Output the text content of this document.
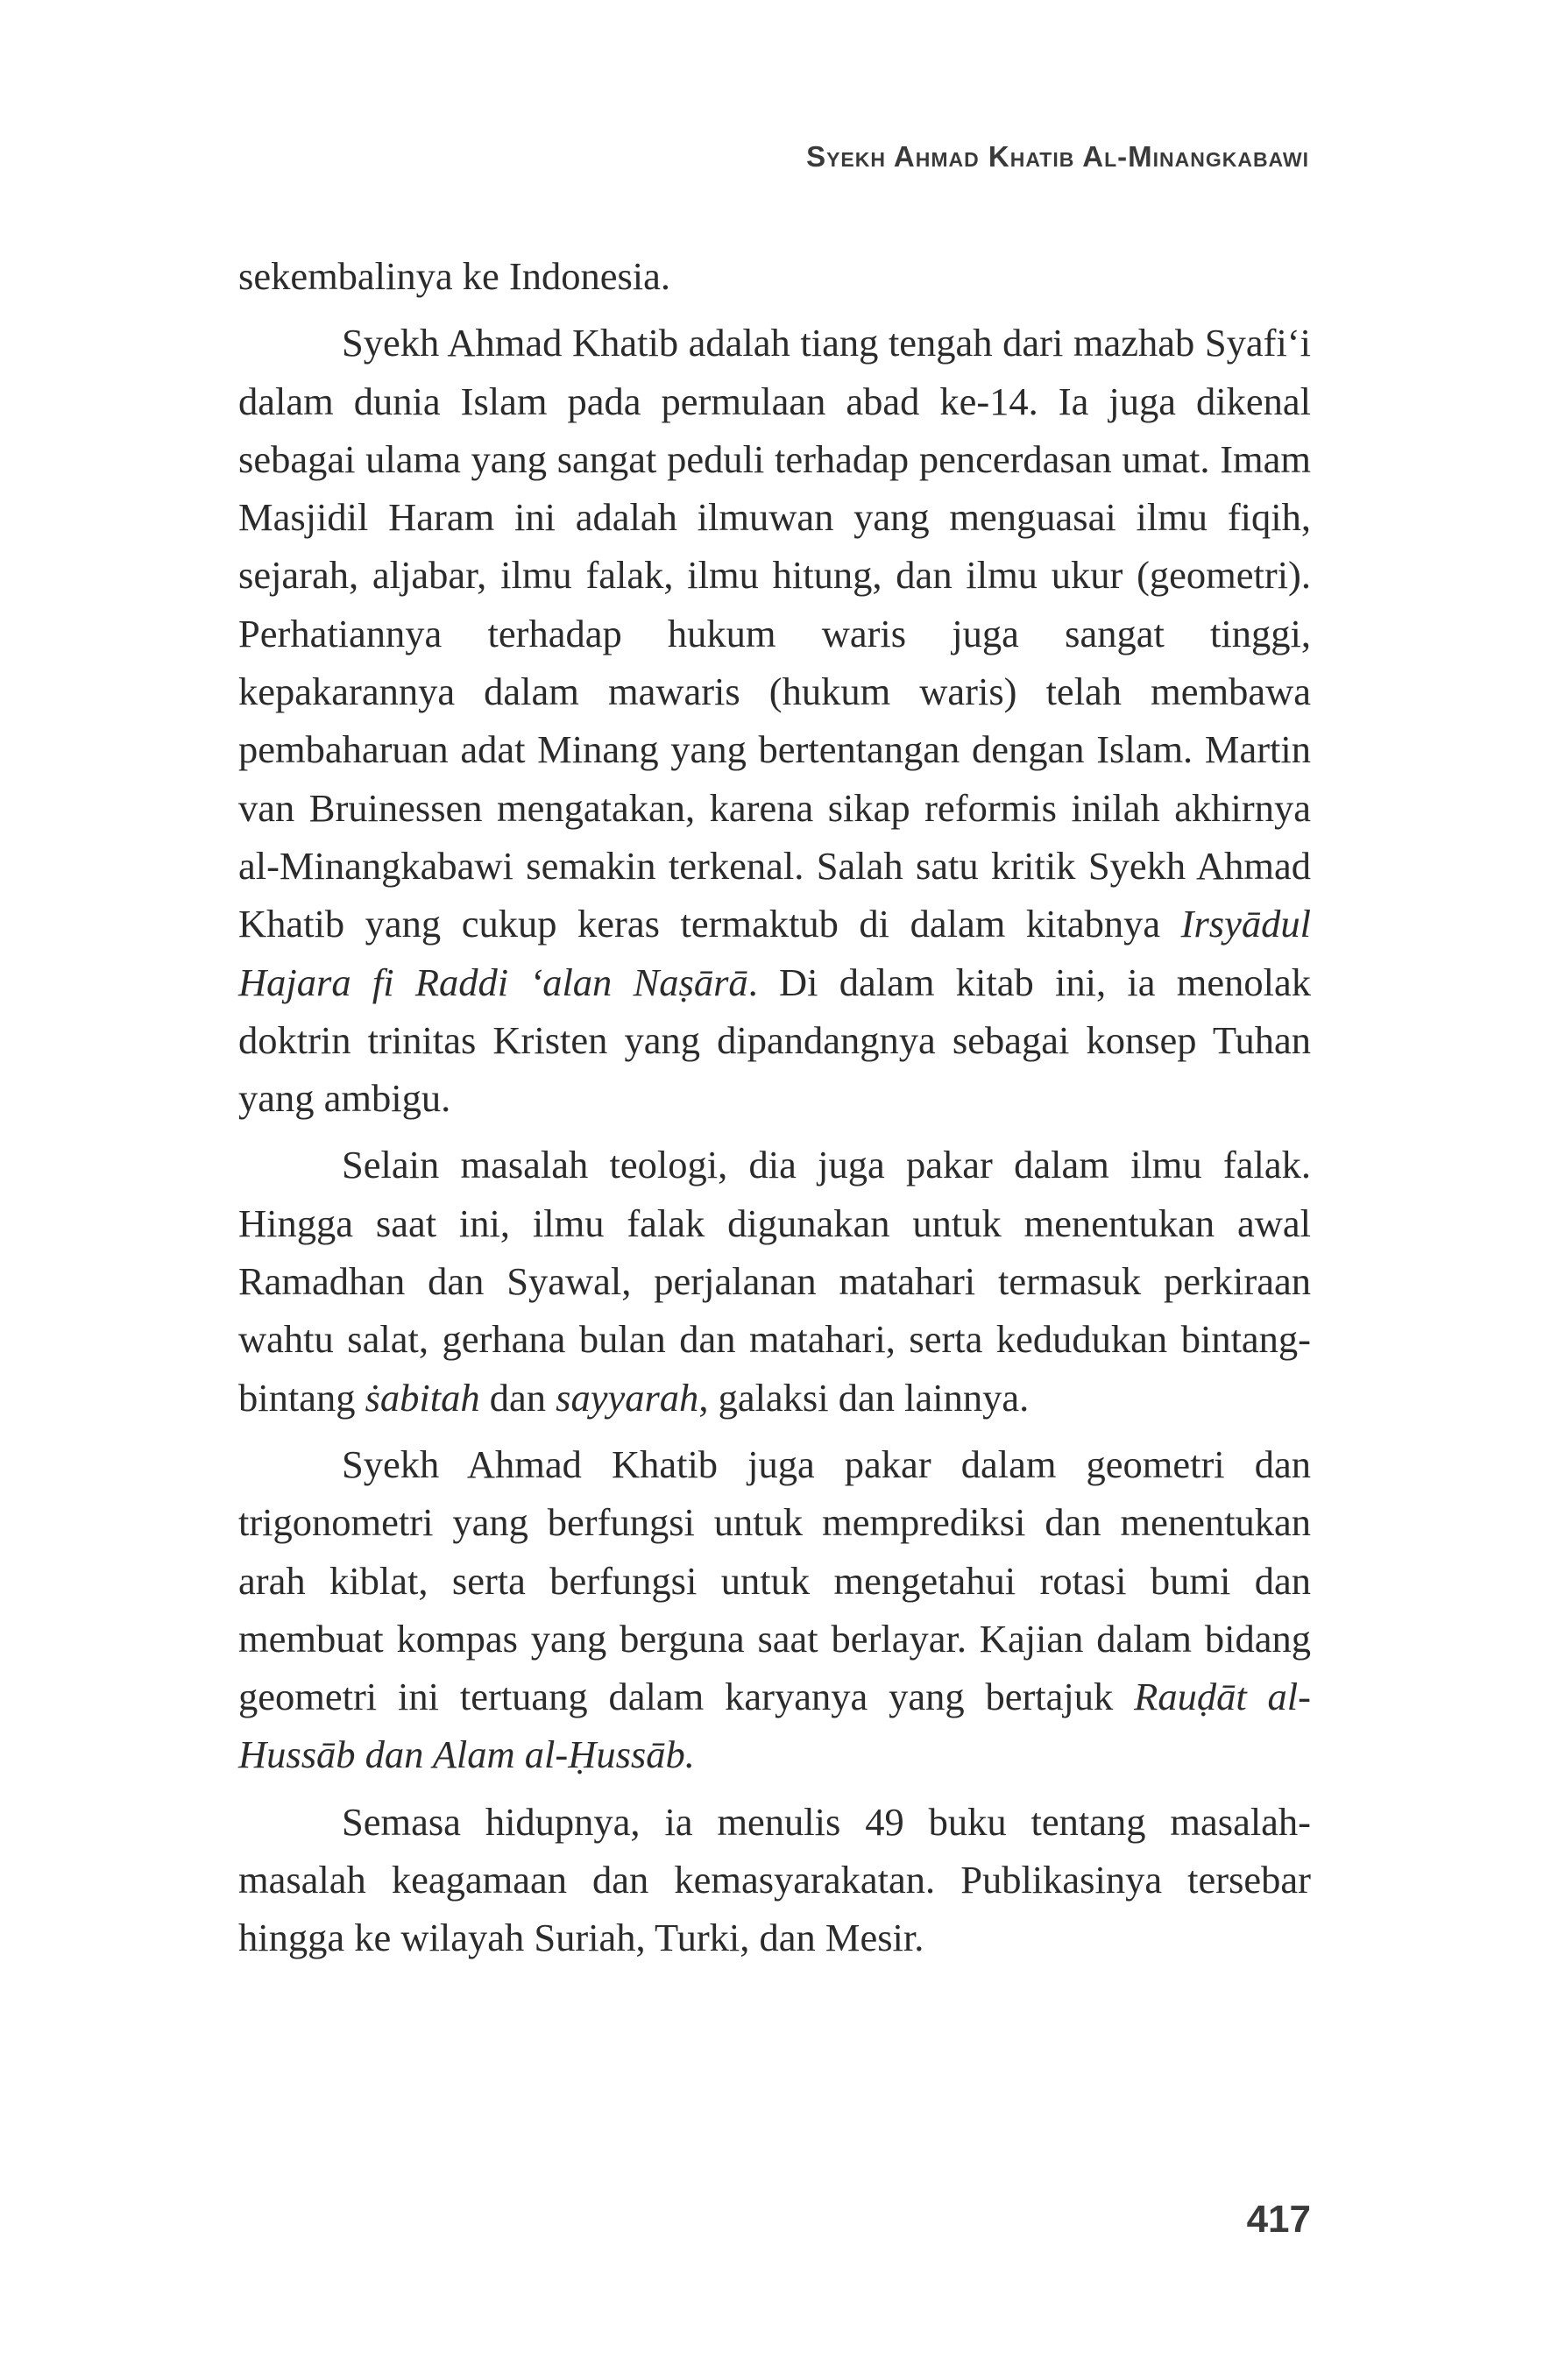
Syekh Ahmad Khatib Al-Minangkabawi

sekembalinya ke Indonesia.

Syekh Ahmad Khatib adalah tiang tengah dari mazhab Syafi‘i dalam dunia Islam pada permulaan abad ke-14. Ia juga dikenal sebagai ulama yang sangat peduli terhadap pencerdasan umat. Imam Masjidil Haram ini adalah ilmuwan yang menguasai ilmu fiqih, sejarah, aljabar, ilmu falak, ilmu hitung, dan ilmu ukur (geometri). Perhatiannya terhadap hukum waris juga sangat tinggi, kepakarannya dalam mawaris (hukum waris) telah membawa pembaharuan adat Minang yang bertentangan dengan Islam. Martin van Bruinessen mengatakan, karena sikap reformis inilah akhirnya al-Minangkabawi semakin terkenal. Salah satu kritik Syekh Ahmad Khatib yang cukup keras termaktub di dalam kitabnya Irsyādul Hajara fi Raddi ‘alan Naṣārā. Di dalam kitab ini, ia menolak doktrin trinitas Kristen yang dipandangnya sebagai konsep Tuhan yang ambigu.

Selain masalah teologi, dia juga pakar dalam ilmu falak. Hingga saat ini, ilmu falak digunakan untuk menentukan awal Ramadhan dan Syawal, perjalanan matahari termasuk perkiraan wahtu salat, gerhana bulan dan matahari, serta kedudukan bintang-bintang ṡabitah dan sayyarah, galaksi dan lainnya.

Syekh Ahmad Khatib juga pakar dalam geometri dan trigonometri yang berfungsi untuk memprediksi dan menentukan arah kiblat, serta berfungsi untuk mengetahui rotasi bumi dan membuat kompas yang berguna saat berlayar. Kajian dalam bidang geometri ini tertuang dalam karyanya yang bertajuk Rauḍāt al-Hussāb dan Alam al-Ḥussāb.

Semasa hidupnya, ia menulis 49 buku tentang masalah-masalah keagamaan dan kemasyarakatan. Publikasinya tersebar hingga ke wilayah Suriah, Turki, dan Mesir.

417
